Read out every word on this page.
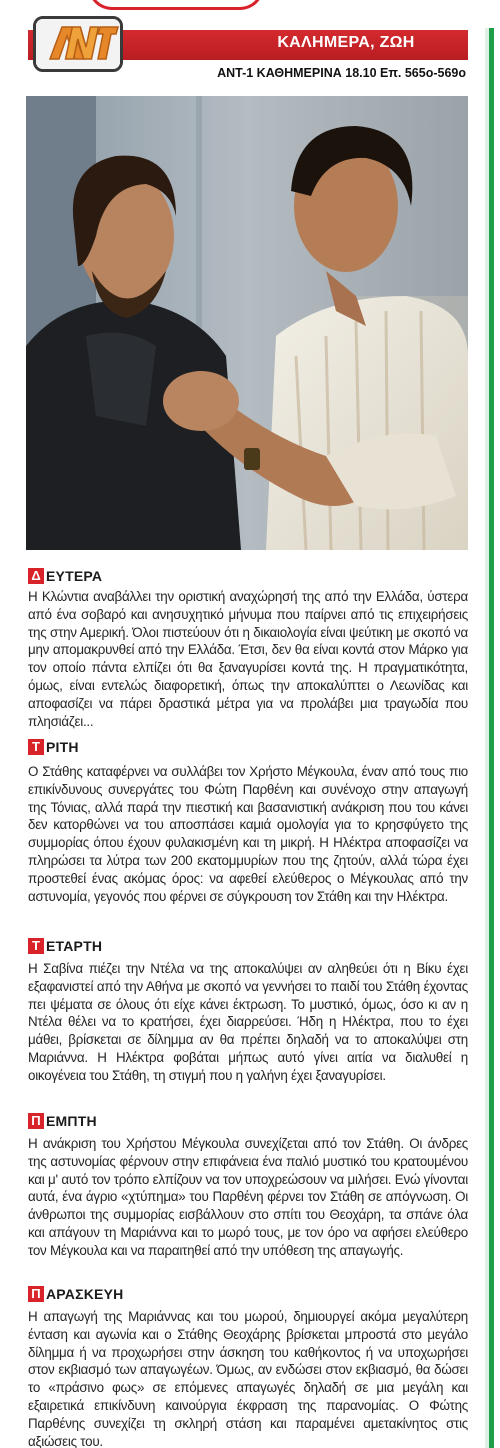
ΚΑΛΗΜΕΡΑ, ΖΩΗ
ΑΝΤ-1 ΚΑΘΗΜΕΡΙΝΑ 18.10 Επ. 565ο-569ο
Δ ΕΥΤΕΡΑ

Η Κλώντια αναβάλλει την οριστική αναχώρησή της από την Ελλάδα, ύστερα από ένα σοβαρό και ανησυχητικό μήνυμα που παίρνει από τις επιχειρήσεις της στην Αμερική. Όλοι πιστεύουν ότι η δικαιολογία είναι ψεύτικη με σκοπό να μην απομακρυνθεί από την Ελλάδα. Έτσι, δεν θα είναι κοντά στον Μάρκο για τον οποίο πάντα ελπίζει ότι θα ξαναγυρίσει κοντά της. Η πραγματικότητα, όμως, είναι εντελώς διαφορετική, όπως την αποκαλύπτει ο Λεωνίδας και αποφασίζει να πάρει δραστικά μέτρα για να προλάβει μια τραγωδία που πλησιάζει...

Τ ΡΙΤΗ

Ο Στάθης καταφέρνει να συλλάβει τον Χρήστο Μέγκουλα, έναν από τους πιο επικίνδυνους συνεργάτες του Φώτη Παρθένη και συνένοχο στην απαγωγή της Τόνιας, αλλά παρά την πιεστική και βασανιστική ανάκριση που του κάνει δεν κατορθώνει να του αποσπάσει καμιά ομολογία για το κρησφύγετο της συμμορίας όπου έχουν φυλακισμένη και τη μικρή. Η Ηλέκτρα αποφασίζει να πληρώσει τα λύτρα των 200 εκατομμυρίων που της ζητούν, αλλά τώρα έχει προστεθεί ένας ακόμας όρος: να αφεθεί ελεύθερος ο Μέγκουλας από την αστυνομία, γεγονός που φέρνει σε σύγκρουση τον Στάθη και την Ηλέκτρα.

Τ ΕΤΑΡΤΗ

Η Σαβίνα πιέζει την Ντέλα να της αποκαλύψει αν αληθεύει ότι η Βίκυ έχει εξαφανιστεί από την Αθήνα με σκοπό να γεννήσει το παιδί του Στάθη έχοντας πει ψέματα σε όλους ότι είχε κάνει έκτρωση. Το μυστικό, όμως, όσο κι αν η Ντέλα θέλει να το κρατήσει, έχει διαρρεύσει. Ήδη η Ηλέκτρα, που το έχει μάθει, βρίσκεται σε δίλημμα αν θα πρέπει δηλαδή να το αποκαλύψει στη Μαριάννα. Η Ηλέκτρα φοβάται μήπως αυτό γίνει αιτία να διαλυθεί η οικογένεια του Στάθη, τη στιγμή που η γαλήνη έχει ξαναγυρίσει.

Π ΕΜΠΤΗ

Η ανάκριση του Χρήστου Μέγκουλα συνεχίζεται από τον Στάθη. Οι άνδρες της αστυνομίας φέρνουν στην επιφάνεια ένα παλιό μυστικό του κρατουμένου και μ' αυτό τον τρόπο ελπίζουν να τον υποχρεώσουν να μιλήσει. Ενώ γίνονται αυτά, ένα άγριο «χτύπημα» του Παρθένη φέρνει τον Στάθη σε απόγνωση. Οι άνθρωποι της συμμορίας εισβάλλουν στο σπίτι του Θεοχάρη, τα σπάνε όλα και απάγουν τη Μαριάννα και το μωρό τους, με τον όρο να αφήσει ελεύθερο τον Μέγκουλα και να παραιτηθεί από την υπόθεση της απαγωγής.

Π ΑΡΑΣΚΕΥΗ

Η απαγωγή της Μαριάννας και του μωρού, δημιουργεί ακόμα μεγαλύτερη ένταση και αγωνία και ο Στάθης Θεοχάρης βρίσκεται μπροστά στο μεγάλο δίλημμα ή να προχωρήσει στην άσκηση του καθήκοντος ή να υποχωρήσει στον εκβιασμό των απαγωγέων. Όμως, αν ενδώσει στον εκβιασμό, θα δώσει το «πράσινο φως» σε επόμενες απαγωγές δηλαδή σε μια μεγάλη και εξαιρετικά επικίνδυνη καινούργια έκφραση της παρανομίας. Ο Φώτης Παρθένης συνεχίζει τη σκληρή στάση και παραμένει αμετακίνητος στις αξιώσεις του.
